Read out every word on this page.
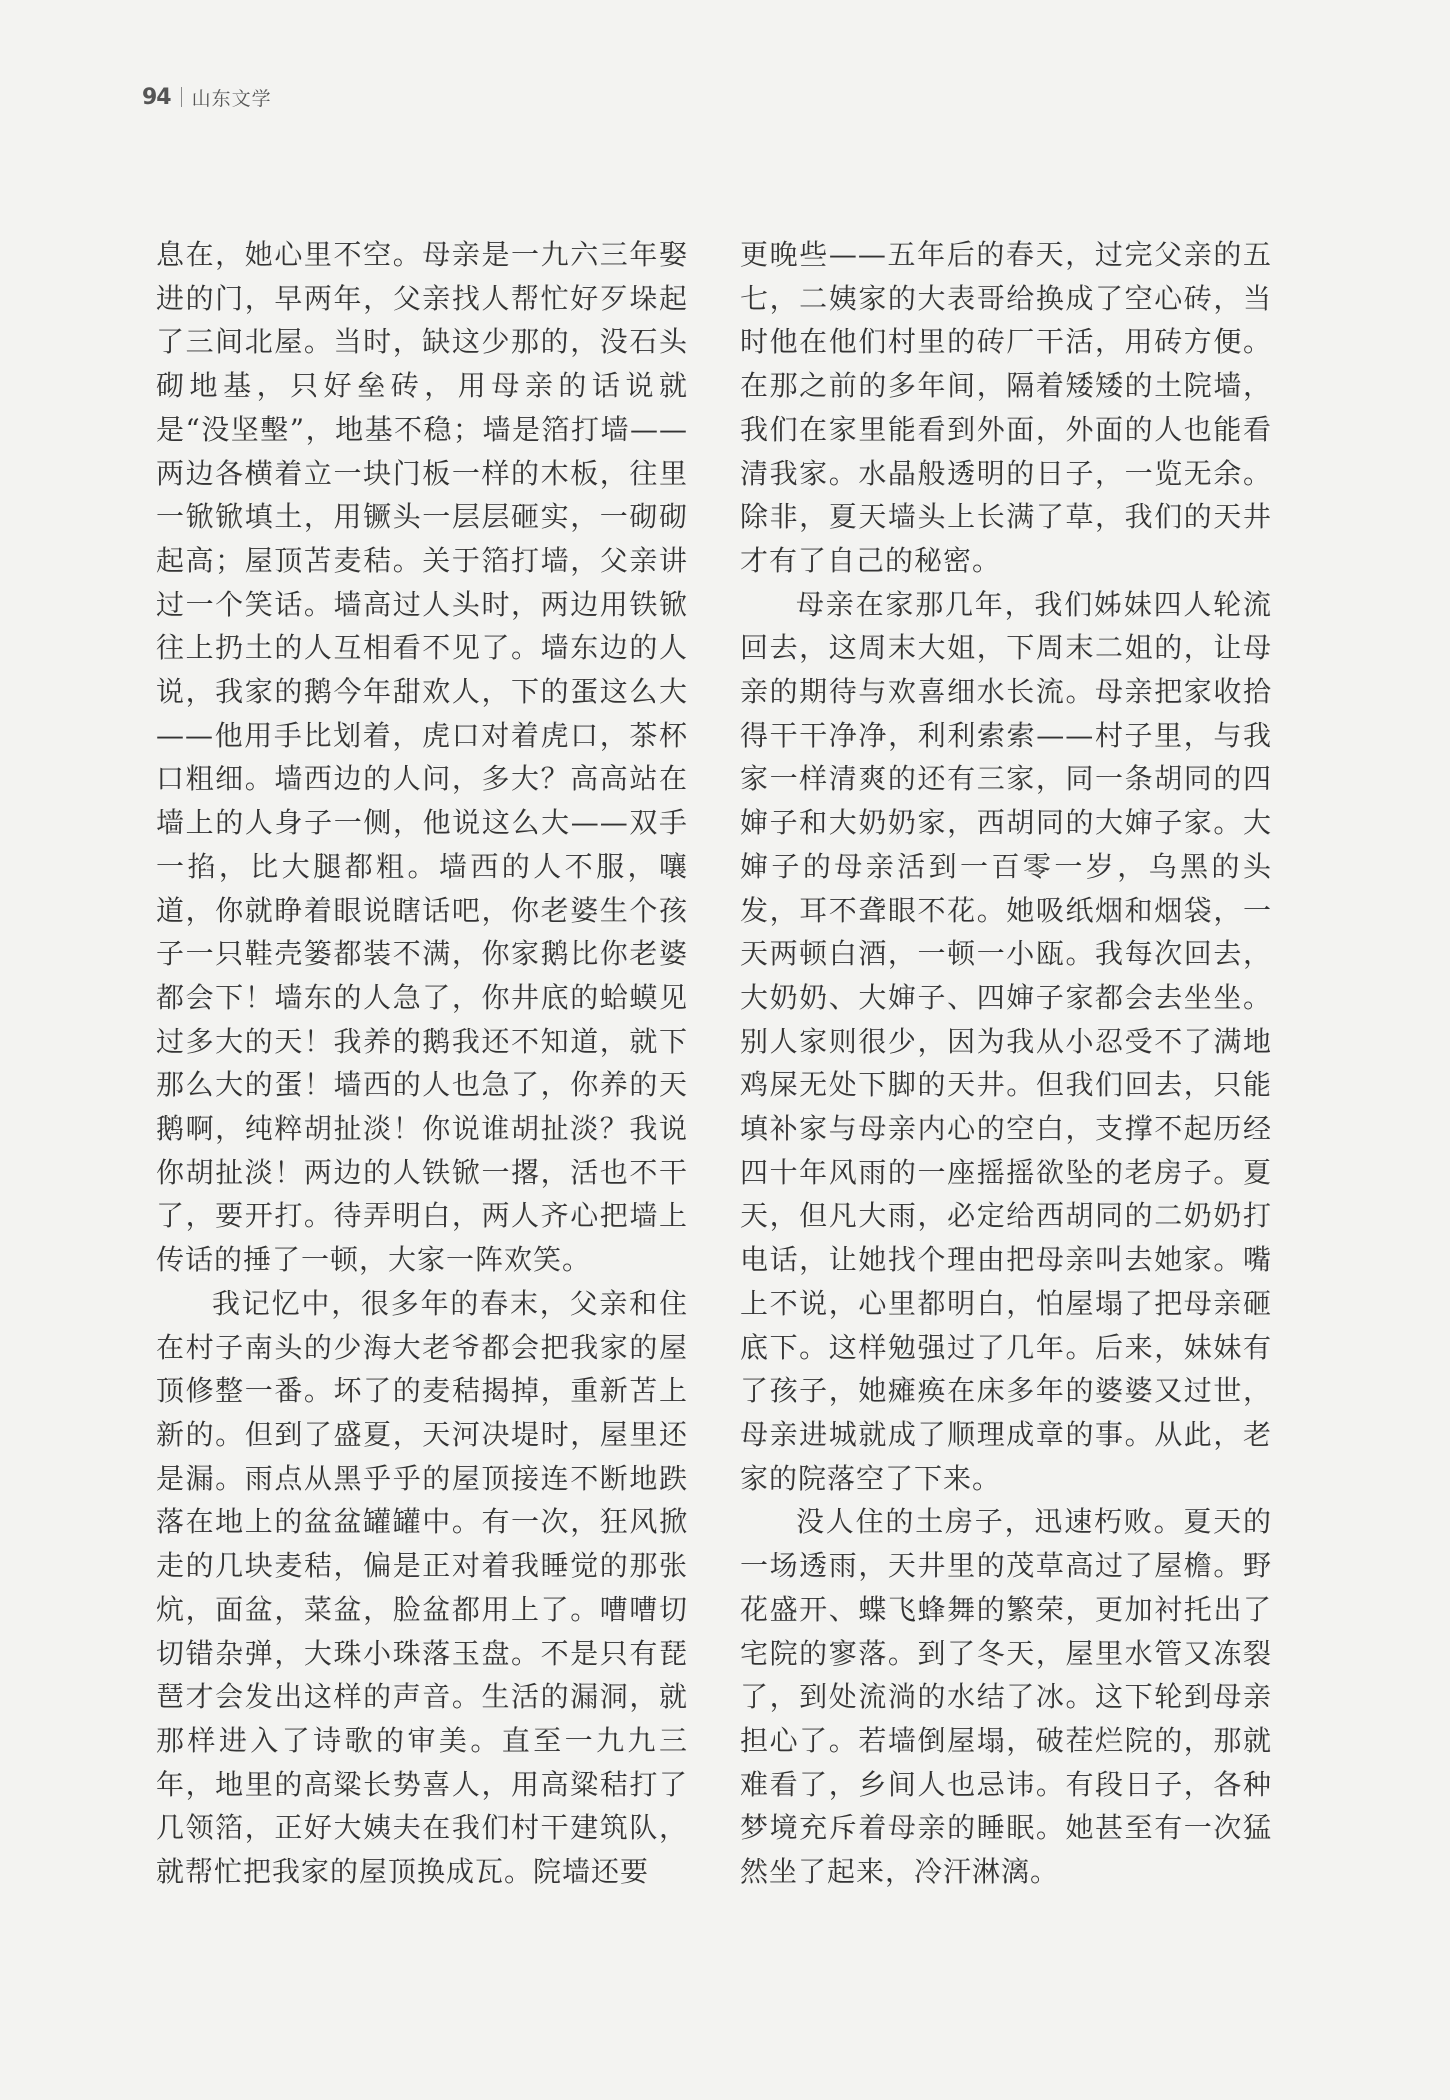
94 山东文学

息在，她心里不空。母亲是一九六三年娶进的门，早两年，父亲找人帮忙好歹垛起了三间北屋。当时，缺这少那的，没石头砌地基，只好垒砖，用母亲的话说就是“没坚墼”，地基不稳；墙是箔打墙——两边各横着立一块门板一样的木板，往里一锨锨填土，用镢头一层层砸实，一砌砌起高；屋顶苫麦秸。关于箔打墙，父亲讲过一个笑话。墙高过人头时，两边用铁锨往上扔土的人互相看不见了。墙东边的人说，我家的鹅今年甜欢人，下的蛋这么大——他用手比划着，虎口对着虎口，茶杯口粗细。墙西边的人问，多大？高高站在墙上的人身子一侧，他说这么大——双手一掐，比大腿都粗。墙西的人不服，嚷道，你就睁着眼说瞎话吧，你老婆生个孩子一只鞋壳篓都装不满，你家鹅比你老婆都会下！墙东的人急了，你井底的蛤蟆见过多大的天！我养的鹅我还不知道，就下那么大的蛋！墙西的人也急了，你养的天鹅啊，纯粹胡扯淡！你说谁胡扯淡？我说你胡扯淡！两边的人铁锨一撂，活也不干了，要开打。待弄明白，两人齐心把墙上传话的捶了一顿，大家一阵欢笑。

我记忆中，很多年的春末，父亲和住在村子南头的少海大老爷都会把我家的屋顶修整一番。坏了的麦秸揭掉，重新苫上新的。但到了盛夏，天河决堤时，屋里还是漏。雨点从黑乎乎的屋顶接连不断地跌落在地上的盆盆罐罐中。有一次，狂风掀走的几块麦秸，偏是正对着我睡觉的那张炕，面盆，菜盆，脸盆都用上了。嘈嘈切切错杂弹，大珠小珠落玉盘。不是只有琵琶才会发出这样的声音。生活的漏洞，就那样进入了诗歌的审美。直至一九九三年，地里的高粱长势喜人，用高粱秸打了几领箔，正好大姨夫在我们村干建筑队，就帮忙把我家的屋顶换成瓦。院墙还要

更晚些——五年后的春天，过完父亲的五七，二姨家的大表哥给换成了空心砖，当时他在他们村里的砖厂干活，用砖方便。在那之前的多年间，隔着矮矮的土院墙，我们在家里能看到外面，外面的人也能看清我家。水晶般透明的日子，一览无余。除非，夏天墙头上长满了草，我们的天井才有了自己的秘密。

母亲在家那几年，我们姊妹四人轮流回去，这周末大姐，下周末二姐的，让母亲的期待与欢喜细水长流。母亲把家收拾得干干净净，利利索索——村子里，与我家一样清爽的还有三家，同一条胡同的四婶子和大奶奶家，西胡同的大婶子家。大婶子的母亲活到一百零一岁，乌黑的头发，耳不聋眼不花。她吸纸烟和烟袋，一天两顿白酒，一顿一小瓯。我每次回去，大奶奶、大婶子、四婶子家都会去坐坐。别人家则很少，因为我从小忍受不了满地鸡屎无处下脚的天井。但我们回去，只能填补家与母亲内心的空白，支撑不起历经四十年风雨的一座摇摇欲坠的老房子。夏天，但凡大雨，必定给西胡同的二奶奶打电话，让她找个理由把母亲叫去她家。嘴上不说，心里都明白，怕屋塌了把母亲砸底下。这样勉强过了几年。后来，妹妹有了孩子，她瘫痪在床多年的婆婆又过世，母亲进城就成了顺理成章的事。从此，老家的院落空了下来。

没人住的土房子，迅速朽败。夏天的一场透雨，天井里的茂草高过了屋檐。野花盛开、蝶飞蜂舞的繁荣，更加衬托出了宅院的寥落。到了冬天，屋里水管又冻裂了，到处流淌的水结了冰。这下轮到母亲担心了。若墙倒屋塌，破茬烂院的，那就难看了，乡间人也忌讳。有段日子，各种梦境充斥着母亲的睡眠。她甚至有一次猛然坐了起来，冷汗淋漓。
